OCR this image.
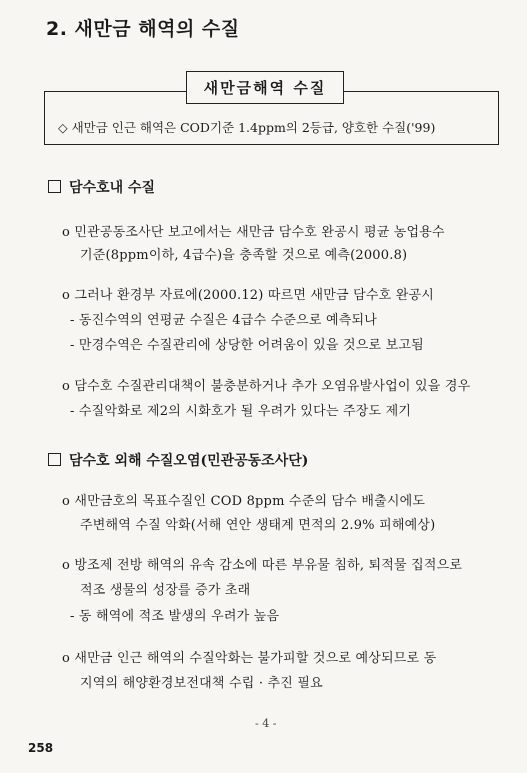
2. 새만금 해역의 수질
새만금해역 수질
◇ 새만금 인근 해역은 COD기준 1.4ppm의 2등급, 양호한 수질('99)
담수호내 수질
o 민관공동조사단 보고에서는 새만금 담수호 완공시 평균 농업용수
기준(8ppm이하, 4급수)을 충족할 것으로 예측(2000.8)
o 그러나 환경부 자료에(2000.12) 따르면 새만금 담수호 완공시
- 동진수역의 연평균 수질은 4급수 수준으로 예측되나
- 만경수역은 수질관리에 상당한 어려움이 있을 것으로 보고됨
o 담수호 수질관리대책이 불충분하거나 추가 오염유발사업이 있을 경우
- 수질악화로 제2의 시화호가 될 우려가 있다는 주장도 제기
담수호 외해 수질오염(민관공동조사단)
o 새만금호의 목표수질인 COD 8ppm 수준의 담수 배출시에도
주변해역 수질 악화(서해 연안 생태계 면적의 2.9% 피해예상)
o 방조제 전방 해역의 유속 감소에 따른 부유물 침하, 퇴적물 집적으로
적조 생물의 성장를 증가 초래
- 동 해역에 적조 발생의 우려가 높음
o 새만금 인근 해역의 수질악화는 불가피할 것으로 예상되므로 동
지역의 해양환경보전대책 수립 · 추진 필요
- 4 -
258
